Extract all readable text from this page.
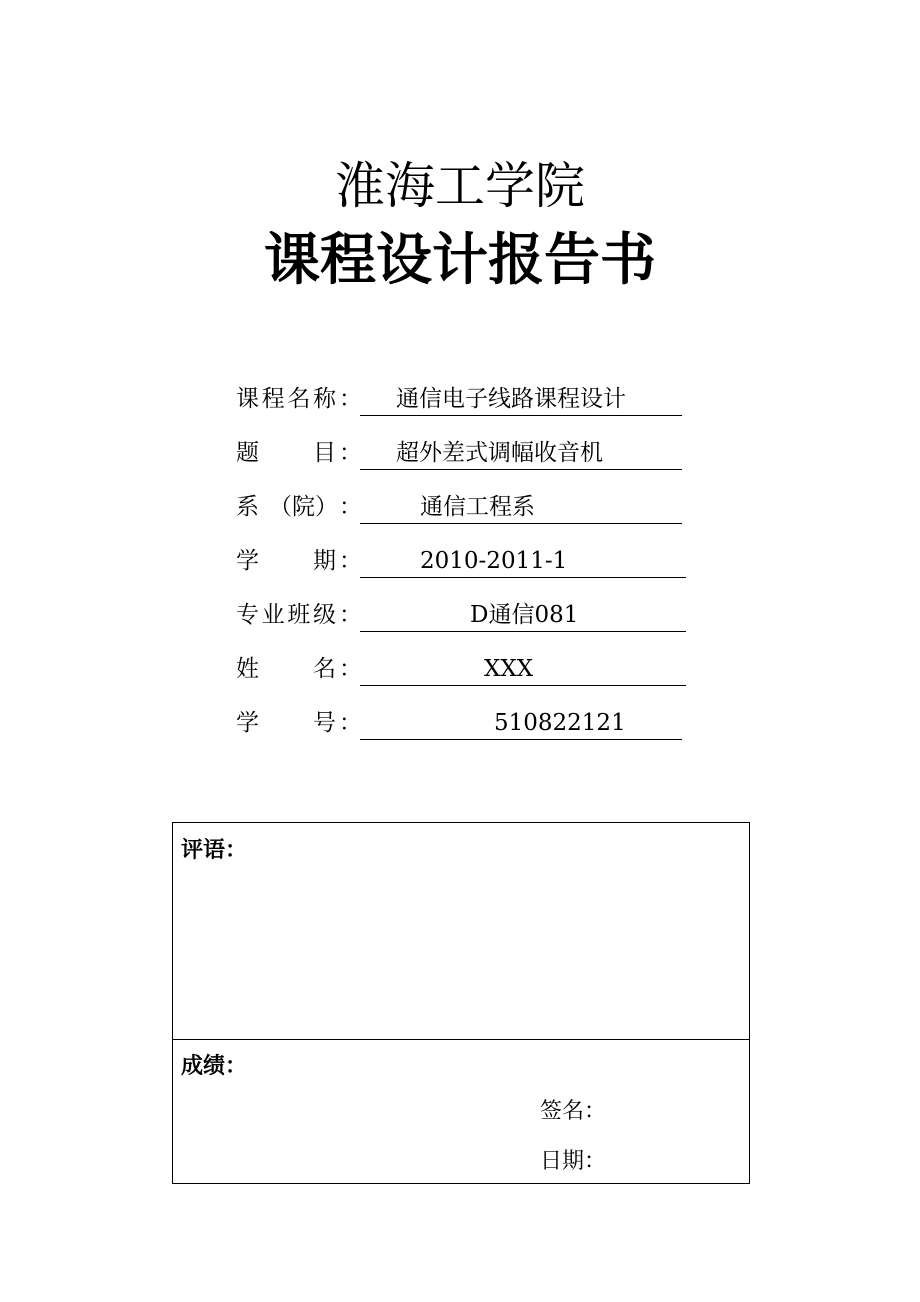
淮海工学院
课程设计报告书
课 程 名 称 ： 通信电子线路课程设计
题 目 ： 超外差式调幅收音机
系 （院） ：	通信工程系
学 期 ：	2010-2011-1
专 业 班 级 ：	D通信081
姓 名 ：	XXX
学 号 ：	510822121
评语：
成绩：
签名：
日期：
